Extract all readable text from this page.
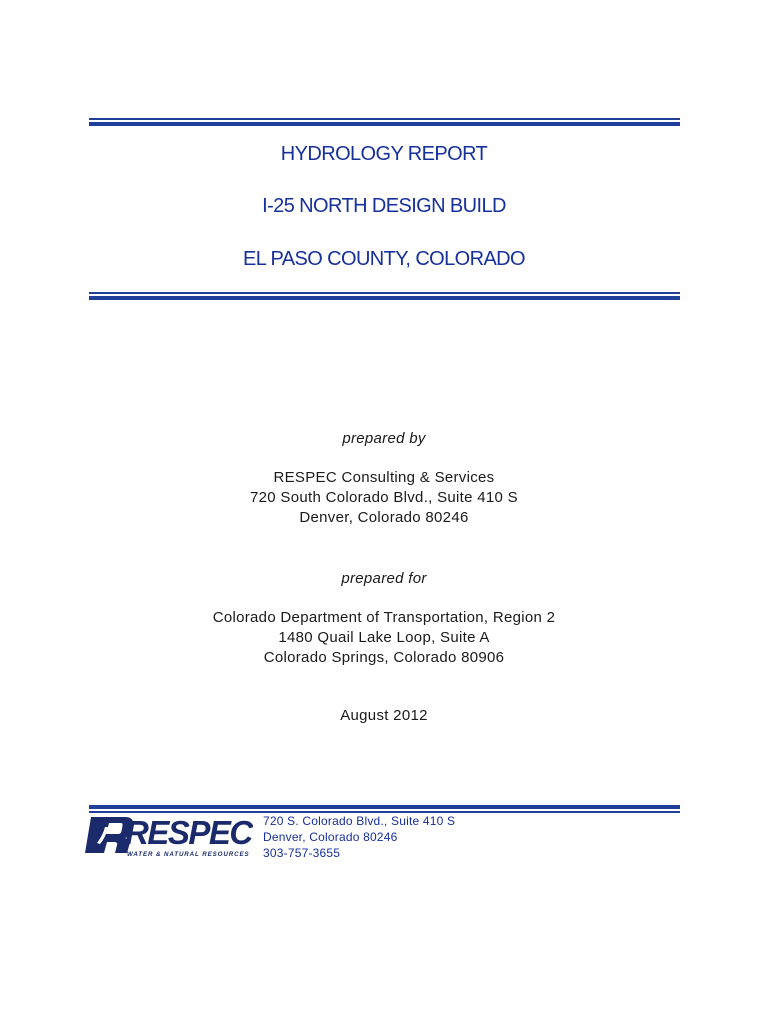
HYDROLOGY REPORT
I-25 NORTH DESIGN BUILD
EL PASO COUNTY, COLORADO
prepared by
RESPEC Consulting & Services
720 South Colorado Blvd., Suite 410 S
Denver, Colorado 80246
prepared for
Colorado Department of Transportation, Region 2
1480 Quail Lake Loop, Suite A
Colorado Springs, Colorado 80906
August 2012
RESPEC
WATER & NATURAL RESOURCES
720 S. Colorado Blvd., Suite 410 S
Denver, Colorado 80246
303-757-3655
